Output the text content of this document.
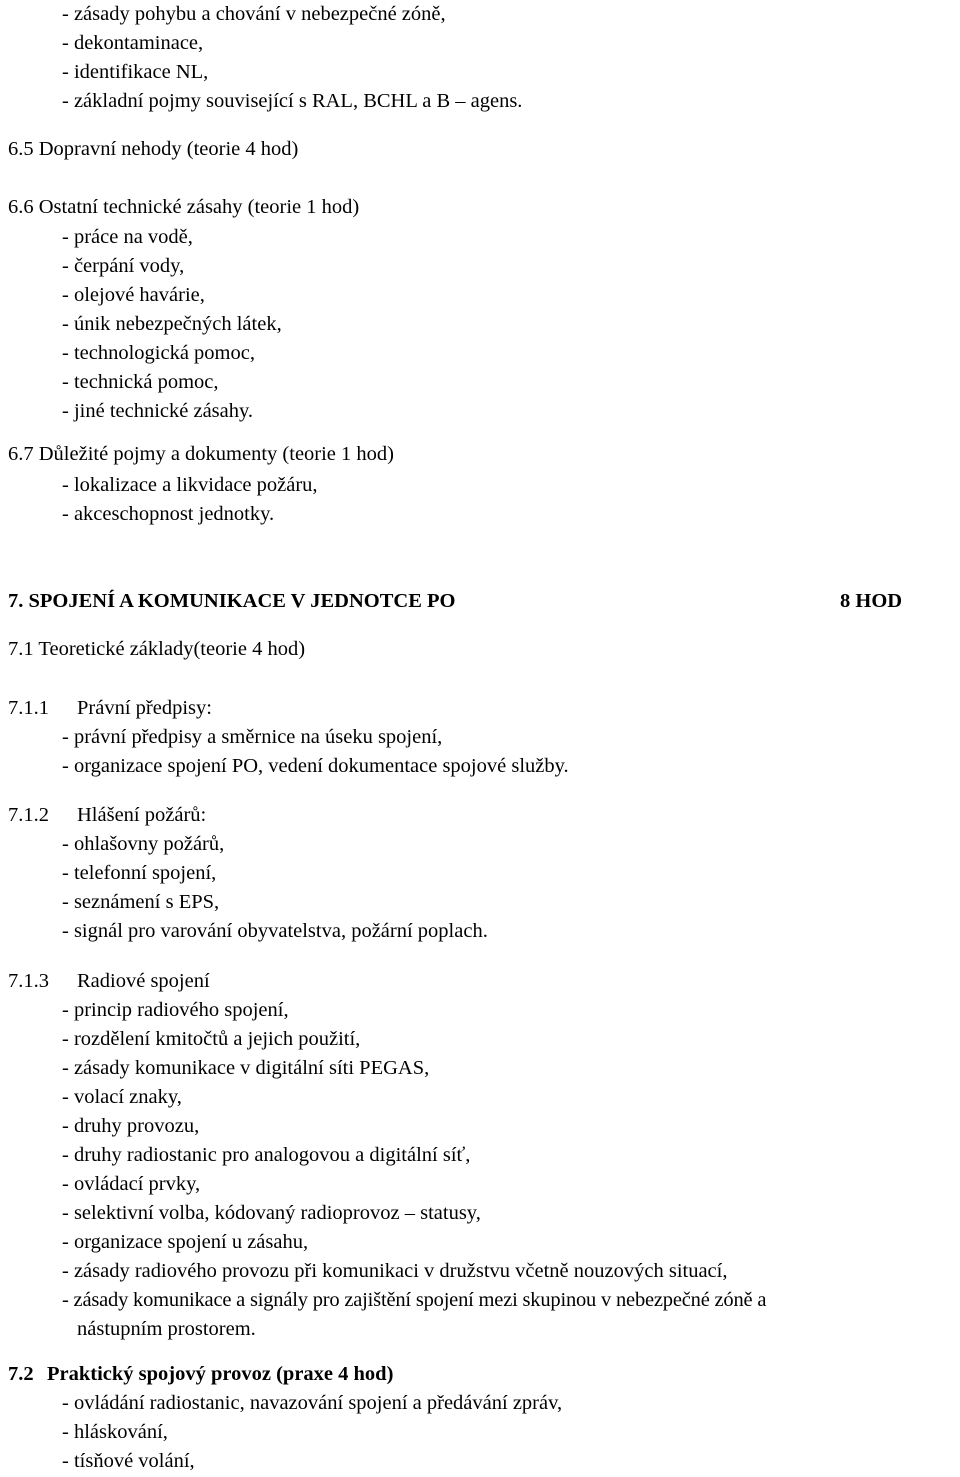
- zásady pohybu a chování v nebezpečné zóně,
- dekontaminace,
- identifikace NL,
- základní pojmy související s RAL, BCHL a B – agens.
6.5 Dopravní nehody (teorie 4 hod)
6.6 Ostatní technické zásahy (teorie 1 hod)
- práce na vodě,
- čerpání vody,
- olejové havárie,
- únik nebezpečných látek,
- technologická pomoc,
- technická pomoc,
- jiné technické zásahy.
6.7 Důležité pojmy a dokumenty (teorie 1 hod)
- lokalizace a likvidace požáru,
- akceschopnost jednotky.
7. SPOJENÍ A KOMUNIKACE V JEDNOTCE PO	8 HOD
7.1 Teoretické základy(teorie 4 hod)
7.1.1 Právní předpisy:
- právní předpisy a směrnice na úseku spojení,
- organizace spojení PO, vedení dokumentace spojové služby.
7.1.2 Hlášení požárů:
- ohlašovny požárů,
- telefonní spojení,
- seznámení s EPS,
- signál pro varování obyvatelstva, požární poplach.
7.1.3 Radiové spojení
- princip radiového spojení,
- rozdělení kmitočtů a jejich použití,
- zásady komunikace v digitální síti PEGAS,
- volací znaky,
- druhy provozu,
- druhy radiostanic pro analogovou a digitální síť,
- ovládací prvky,
- selektivní volba, kódovaný radioprovoz – statusy,
- organizace spojení u zásahu,
- zásady radiového provozu při komunikaci v družstvu včetně nouzových situací,
- zásady komunikace a signály pro zajištění spojení mezi skupinou v nebezpečné zóně a
nástupním prostorem.
7.2 Praktický spojový provoz (praxe 4 hod)
- ovládání radiostanic, navazování spojení a předávání zpráv,
- hláskování,
- tísňové volání,
